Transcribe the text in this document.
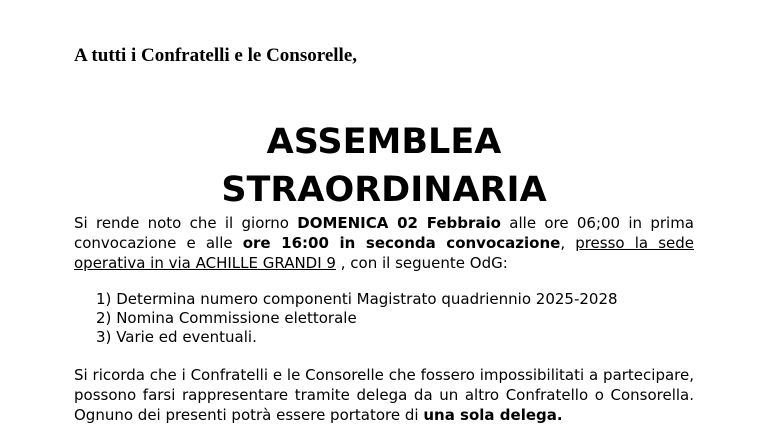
A tutti i Confratelli e le Consorelle,
ASSEMBLEA
STRAORDINARIA
Si rende noto che il giorno DOMENICA 02 Febbraio alle ore 06;00 in prima convocazione e alle ore 16:00 in seconda convocazione, presso la sede operativa in via ACHILLE GRANDI 9 , con il seguente OdG:
1) Determina numero componenti Magistrato quadriennio 2025-2028
2) Nomina Commissione elettorale
3) Varie ed eventuali.
Si ricorda che i Confratelli e le Consorelle che fossero impossibilitati a partecipare, possono farsi rappresentare tramite delega da un altro Confratello o Consorella. Ognuno dei presenti potrà essere portatore di una sola delega.
